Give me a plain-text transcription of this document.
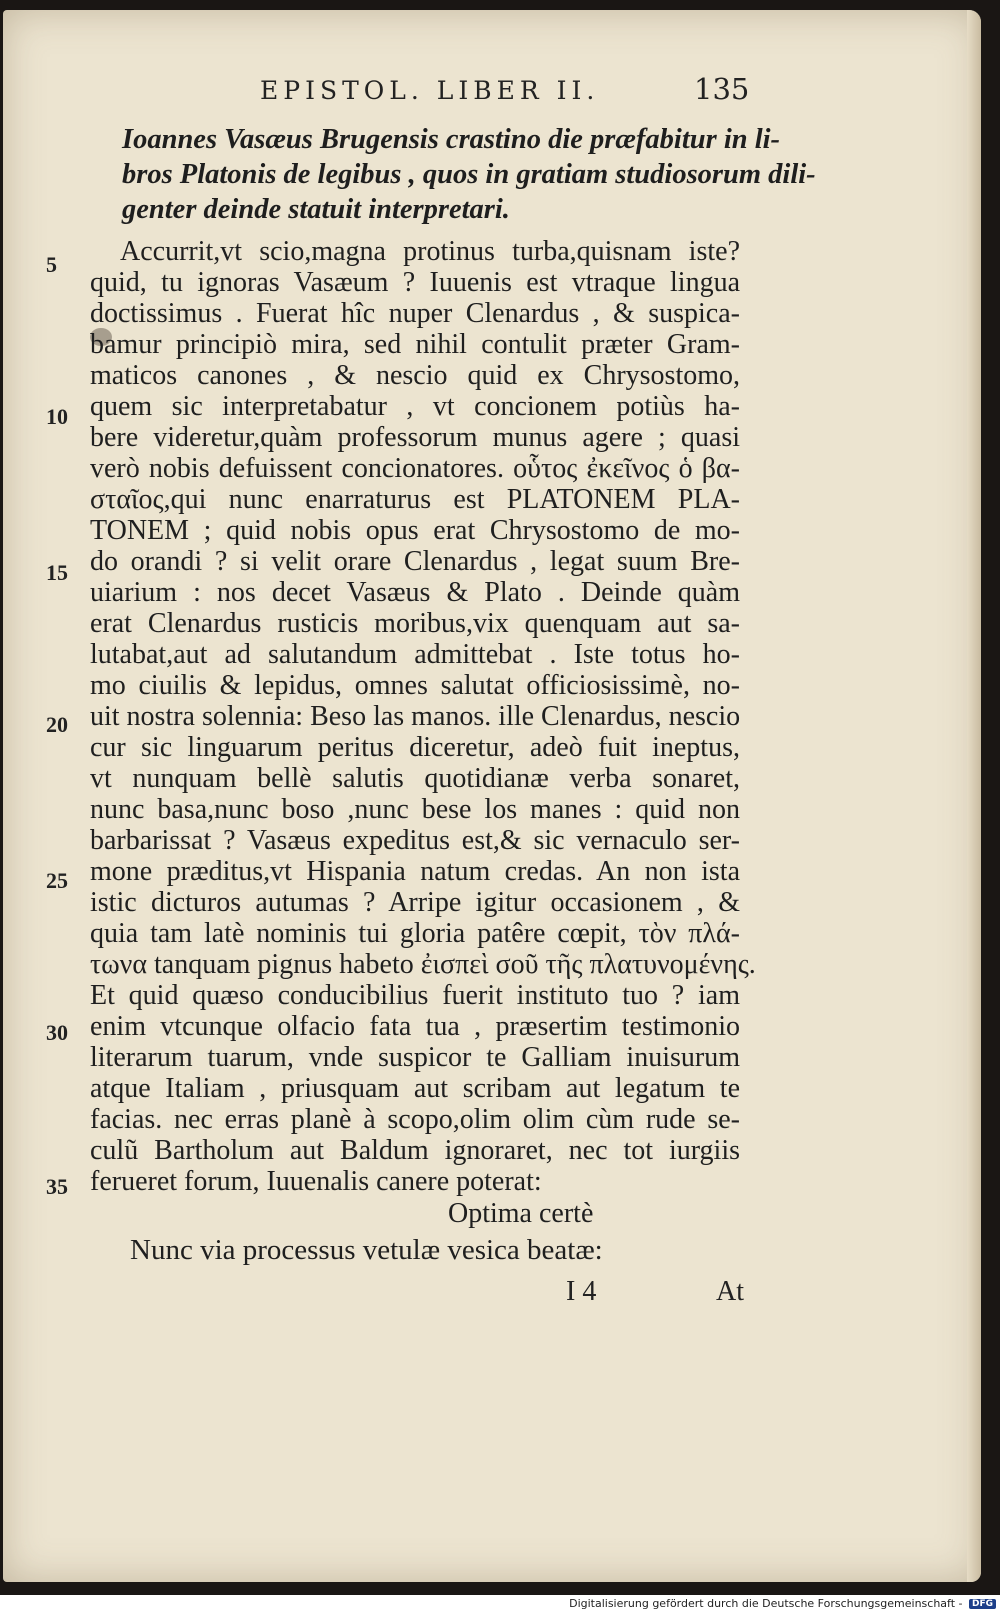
EPISTOL. LIBER II.	135
Ioannes Vasæus Brugensis crastino die præfabitur in li-
bros Platonis de legibus , quos in gratiam studiosorum dili-
genter deinde statuit interpretari.
5
10
15
20
25
30
35
Accurrit,vt scio,magna protinus turba,quisnam iste?
quid, tu ignoras Vasæum ? Iuuenis est vtraque lingua
doctissimus . Fuerat hîc nuper Clenardus , & suspica-
bamur principiò mira, sed nihil contulit præter Gram-
maticos canones , & nescio quid ex Chrysostomo,
quem sic interpretabatur , vt concionem potiùs ha-
bere videretur,quàm professorum munus agere ; quasi
verò nobis defuissent concionatores. οὗτος ἐκεῖνος ὁ βα-
σταῖος,qui nunc enarraturus est PLATONEM PLA-
TONEM ; quid nobis opus erat Chrysostomo de mo-
do orandi ? si velit orare Clenardus , legat suum Bre-
uiarium : nos decet Vasæus & Plato . Deinde quàm
erat Clenardus rusticis moribus,vix quenquam aut sa-
lutabat,aut ad salutandum admittebat . Iste totus ho-
mo ciuilis & lepidus, omnes salutat officiosissimè, no-
uit nostra solennia: Beso las manos. ille Clenardus, nescio
cur sic linguarum peritus diceretur, adeò fuit ineptus,
vt nunquam bellè salutis quotidianæ verba sonaret,
nunc basa,nunc boso ,nunc bese los manes : quid non
barbarissat ? Vasæus expeditus est,& sic vernaculo ser-
mone præditus,vt Hispania natum credas. An non ista
istic dicturos autumas ? Arripe igitur occasionem , &
quia tam latè nominis tui gloria patêre cœpit, τὸν πλά-
τωνα tanquam pignus habeto ἐισπεὶ σοῦ τῆς πλατυνομένης.
Et quid quæso conducibilius fuerit instituto tuo ? iam
enim vtcunque olfacio fata tua , præsertim testimonio
literarum tuarum, vnde suspicor te Galliam inuisurum
atque Italiam , priusquam aut scribam aut legatum te
facias. nec erras planè à scopo,olim olim cùm rude se-
culũ Bartholum aut Baldum ignoraret, nec tot iurgiis
ferueret forum, Iuuenalis canere poterat:
Optima certè
Nunc via processus vetulæ vesica beatæ:
I 4	At
Digitalisierung gefördert durch die Deutsche Forschungsgemeinschaft - DFG
